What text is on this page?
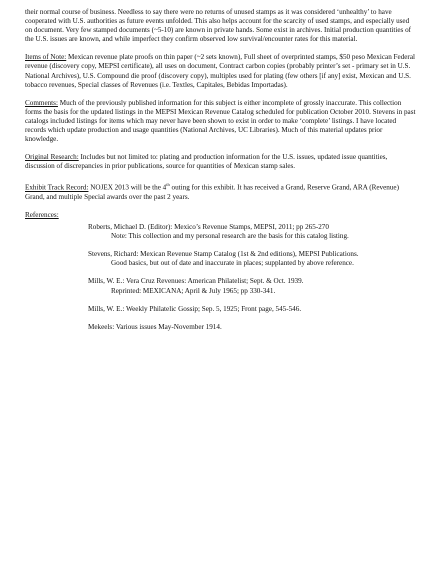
their normal course of business. Needless to say there were no returns of unused stamps as it was considered ‘unhealthy’ to have cooperated with U.S. authorities as future events unfolded. This also helps account for the scarcity of used stamps, and especially used on document. Very few stamped documents (~5-10) are known in private hands. Some exist in archives. Initial production quantities of the U.S. issues are known, and while imperfect they confirm observed low survival/encounter rates for this material.

Items of Note: Mexican revenue plate proofs on thin paper (~2 sets known), Full sheet of overprinted stamps, $50 peso Mexican Federal revenue (discovery copy, MEPSI certificate), all uses on document, Contract carbon copies (probably printer’s set - primary set in U.S. National Archives), U.S. Compound die proof (discovery copy), multiples used for plating (few others [if any] exist, Mexican and U.S. tobacco revenues, Special classes of Revenues (i.e. Textles, Capitales, Bebidas Importadas).

Comments: Much of the previously published information for this subject is either incomplete of grossly inaccurate. This collection forms the basis for the updated listings in the MEPSI Mexican Revenue Catalog scheduled for publication October 2010. Stevens in past catalogs included listings for items which may never have been shown to exist in order to make ‘complete’ listings. I have located records which update production and usage quantities (National Archives, UC Libraries). Much of this material updates prior knowledge.

Original Research: Includes but not limited to: plating and production information for the U.S. issues, updated issue quantities, discussion of discrepancies in prior publications, source for quantities of Mexican stamp sales.

Exhibit Track Record: NOJEX 2013 will be the 4th outing for this exhibit. It has received a Grand, Reserve Grand, ARA (Revenue) Grand, and multiple Special awards over the past 2 years.

References:

Roberts, Michael D. (Editor): Mexico’s Revenue Stamps, MEPSI, 2011; pp 265-270
Note: This collection and my personal research are the basis for this catalog listing.
Stevens, Richard: Mexican Revenue Stamp Catalog (1st & 2nd editions), MEPSI Publications.
Good basics, but out of date and inaccurate in places; supplanted by above reference.
Mills, W. E.: Vera Cruz Revenues: American Philatelist; Sept. & Oct. 1939.
Reprinted: MEXICANA; April & July 1965; pp 330-341.
Mills, W. E.: Weekly Philatelic Gossip; Sep. 5, 1925; Front page, 545-546.
Mekeels: Various issues May-November 1914.
